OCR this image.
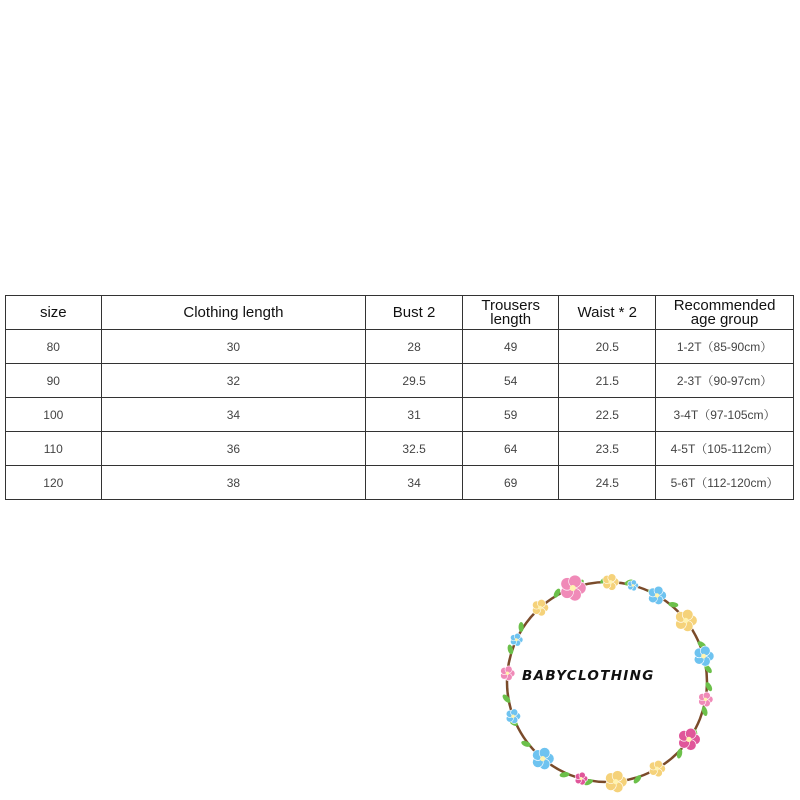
size	Clothing length	Bust 2	Trousers length	Waist * 2	Recommended age group
80	30	28	49	20.5	1-2T（85-90cm）
90	32	29.5	54	21.5	2-3T（90-97cm）
100	34	31	59	22.5	3-4T（97-105cm）
110	36	32.5	64	23.5	4-5T（105-112cm）
120	38	34	69	24.5	5-6T（112-120cm）
BABYCLOTHING
